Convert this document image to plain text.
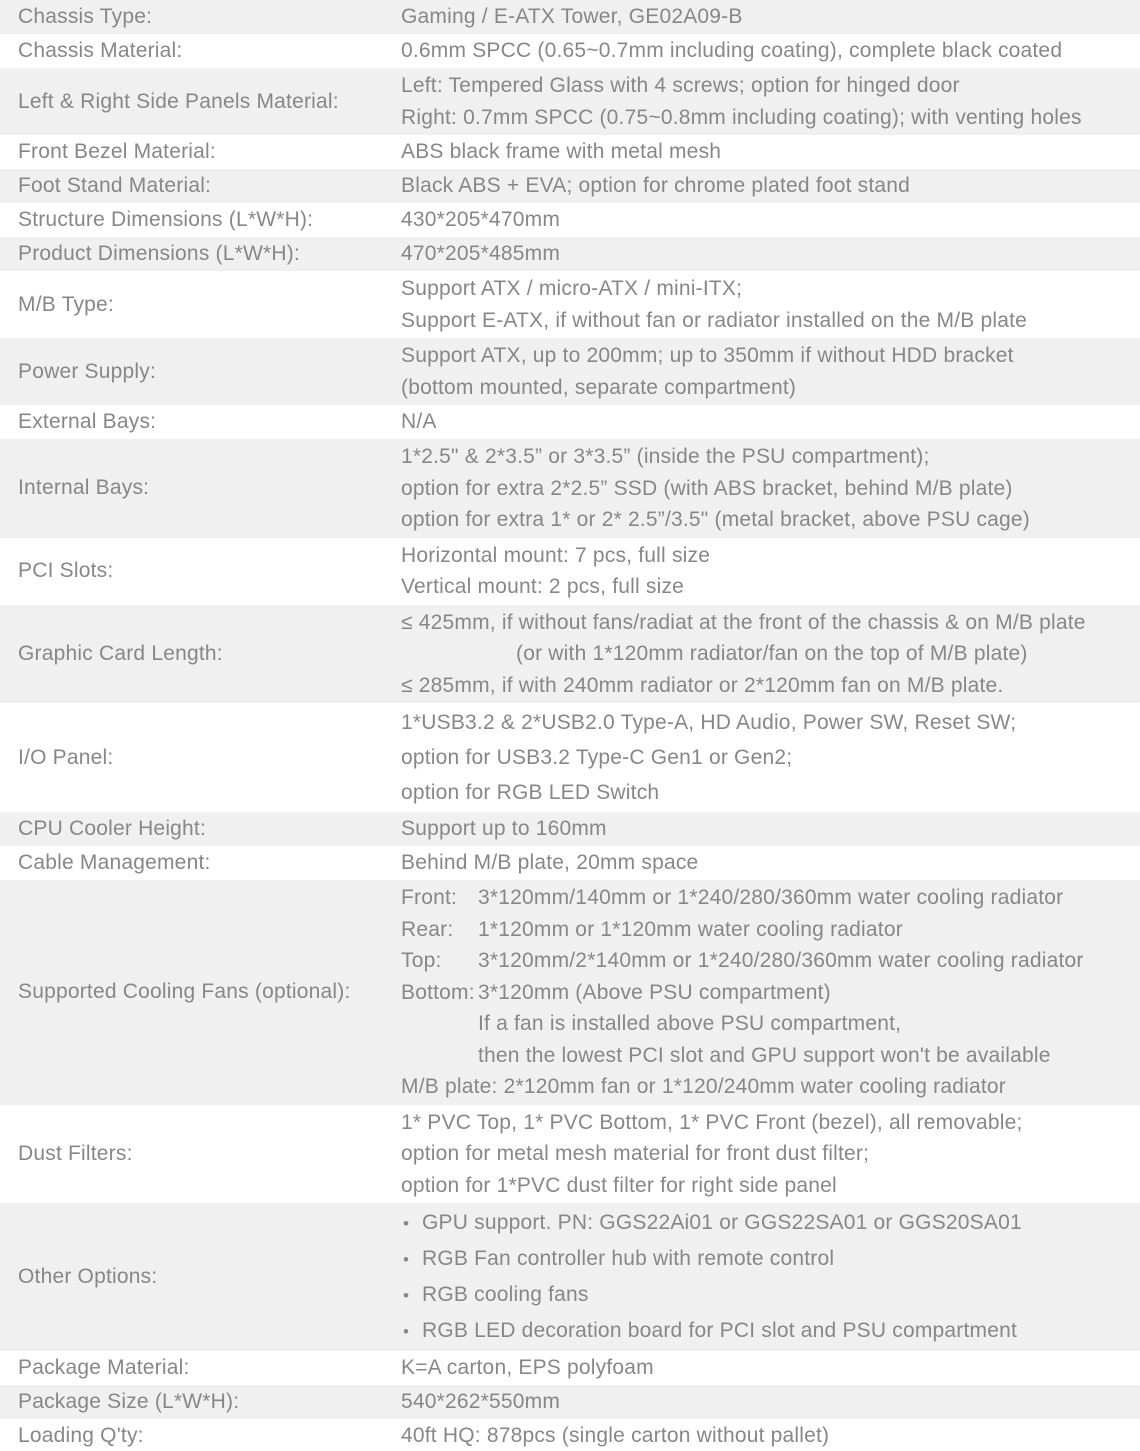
Chassis Type:	Gaming / E-ATX Tower, GE02A09-B
Chassis Material:	0.6mm SPCC (0.65~0.7mm including coating), complete black coated
Left & Right Side Panels Material:
Left: Tempered Glass with 4 screws; option for hinged door
Right: 0.7mm SPCC (0.75~0.8mm including coating); with venting holes
Front Bezel Material:	ABS black frame with metal mesh
Foot Stand Material:	Black ABS + EVA; option for chrome plated foot stand
Structure Dimensions (L*W*H):	430*205*470mm
Product Dimensions (L*W*H):	470*205*485mm
M/B Type:
Support ATX / micro-ATX / mini-ITX;
Support E-ATX, if without fan or radiator installed on the M/B plate
Power Supply:
Support ATX, up to 200mm; up to 350mm if without HDD bracket
(bottom mounted, separate compartment)
External Bays:	N/A
Internal Bays:
1*2.5" & 2*3.5” or 3*3.5” (inside the PSU compartment);
option for extra 2*2.5” SSD (with ABS bracket, behind M/B plate)
option for extra 1* or 2* 2.5”/3.5" (metal bracket, above PSU cage)
PCI Slots:
Horizontal mount: 7 pcs, full size
Vertical mount: 2 pcs, full size
Graphic Card Length:
≤ 425mm, if without fans/radiat at the front of the chassis & on M/B plate
(or with 1*120mm radiator/fan on the top of M/B plate)
≤ 285mm, if with 240mm radiator or 2*120mm fan on M/B plate.
I/O Panel:
1*USB3.2 & 2*USB2.0 Type-A, HD Audio, Power SW, Reset SW;
option for USB3.2 Type-C Gen1 or Gen2;
option for RGB LED Switch
CPU Cooler Height:	Support up to 160mm
Cable Management:	Behind M/B plate, 20mm space
Supported Cooling Fans (optional):
Front: 3*120mm/140mm or 1*240/280/360mm water cooling radiator
Rear: 1*120mm or 1*120mm water cooling radiator
Top: 3*120mm/2*140mm or 1*240/280/360mm water cooling radiator
Bottom: 3*120mm (Above PSU compartment)
If a fan is installed above PSU compartment,
then the lowest PCI slot and GPU support won't be available
M/B plate: 2*120mm fan or 1*120/240mm water cooling radiator
Dust Filters:
1* PVC Top, 1* PVC Bottom, 1* PVC Front (bezel), all removable;
option for metal mesh material for front dust filter;
option for 1*PVC dust filter for right side panel
Other Options:
• GPU support. PN: GGS22Ai01 or GGS22SA01 or GGS20SA01
• RGB Fan controller hub with remote control
• RGB cooling fans
• RGB LED decoration board for PCI slot and PSU compartment
Package Material:	K=A carton, EPS polyfoam
Package Size (L*W*H):	540*262*550mm
Loading Q'ty:	40ft HQ: 878pcs (single carton without pallet)
